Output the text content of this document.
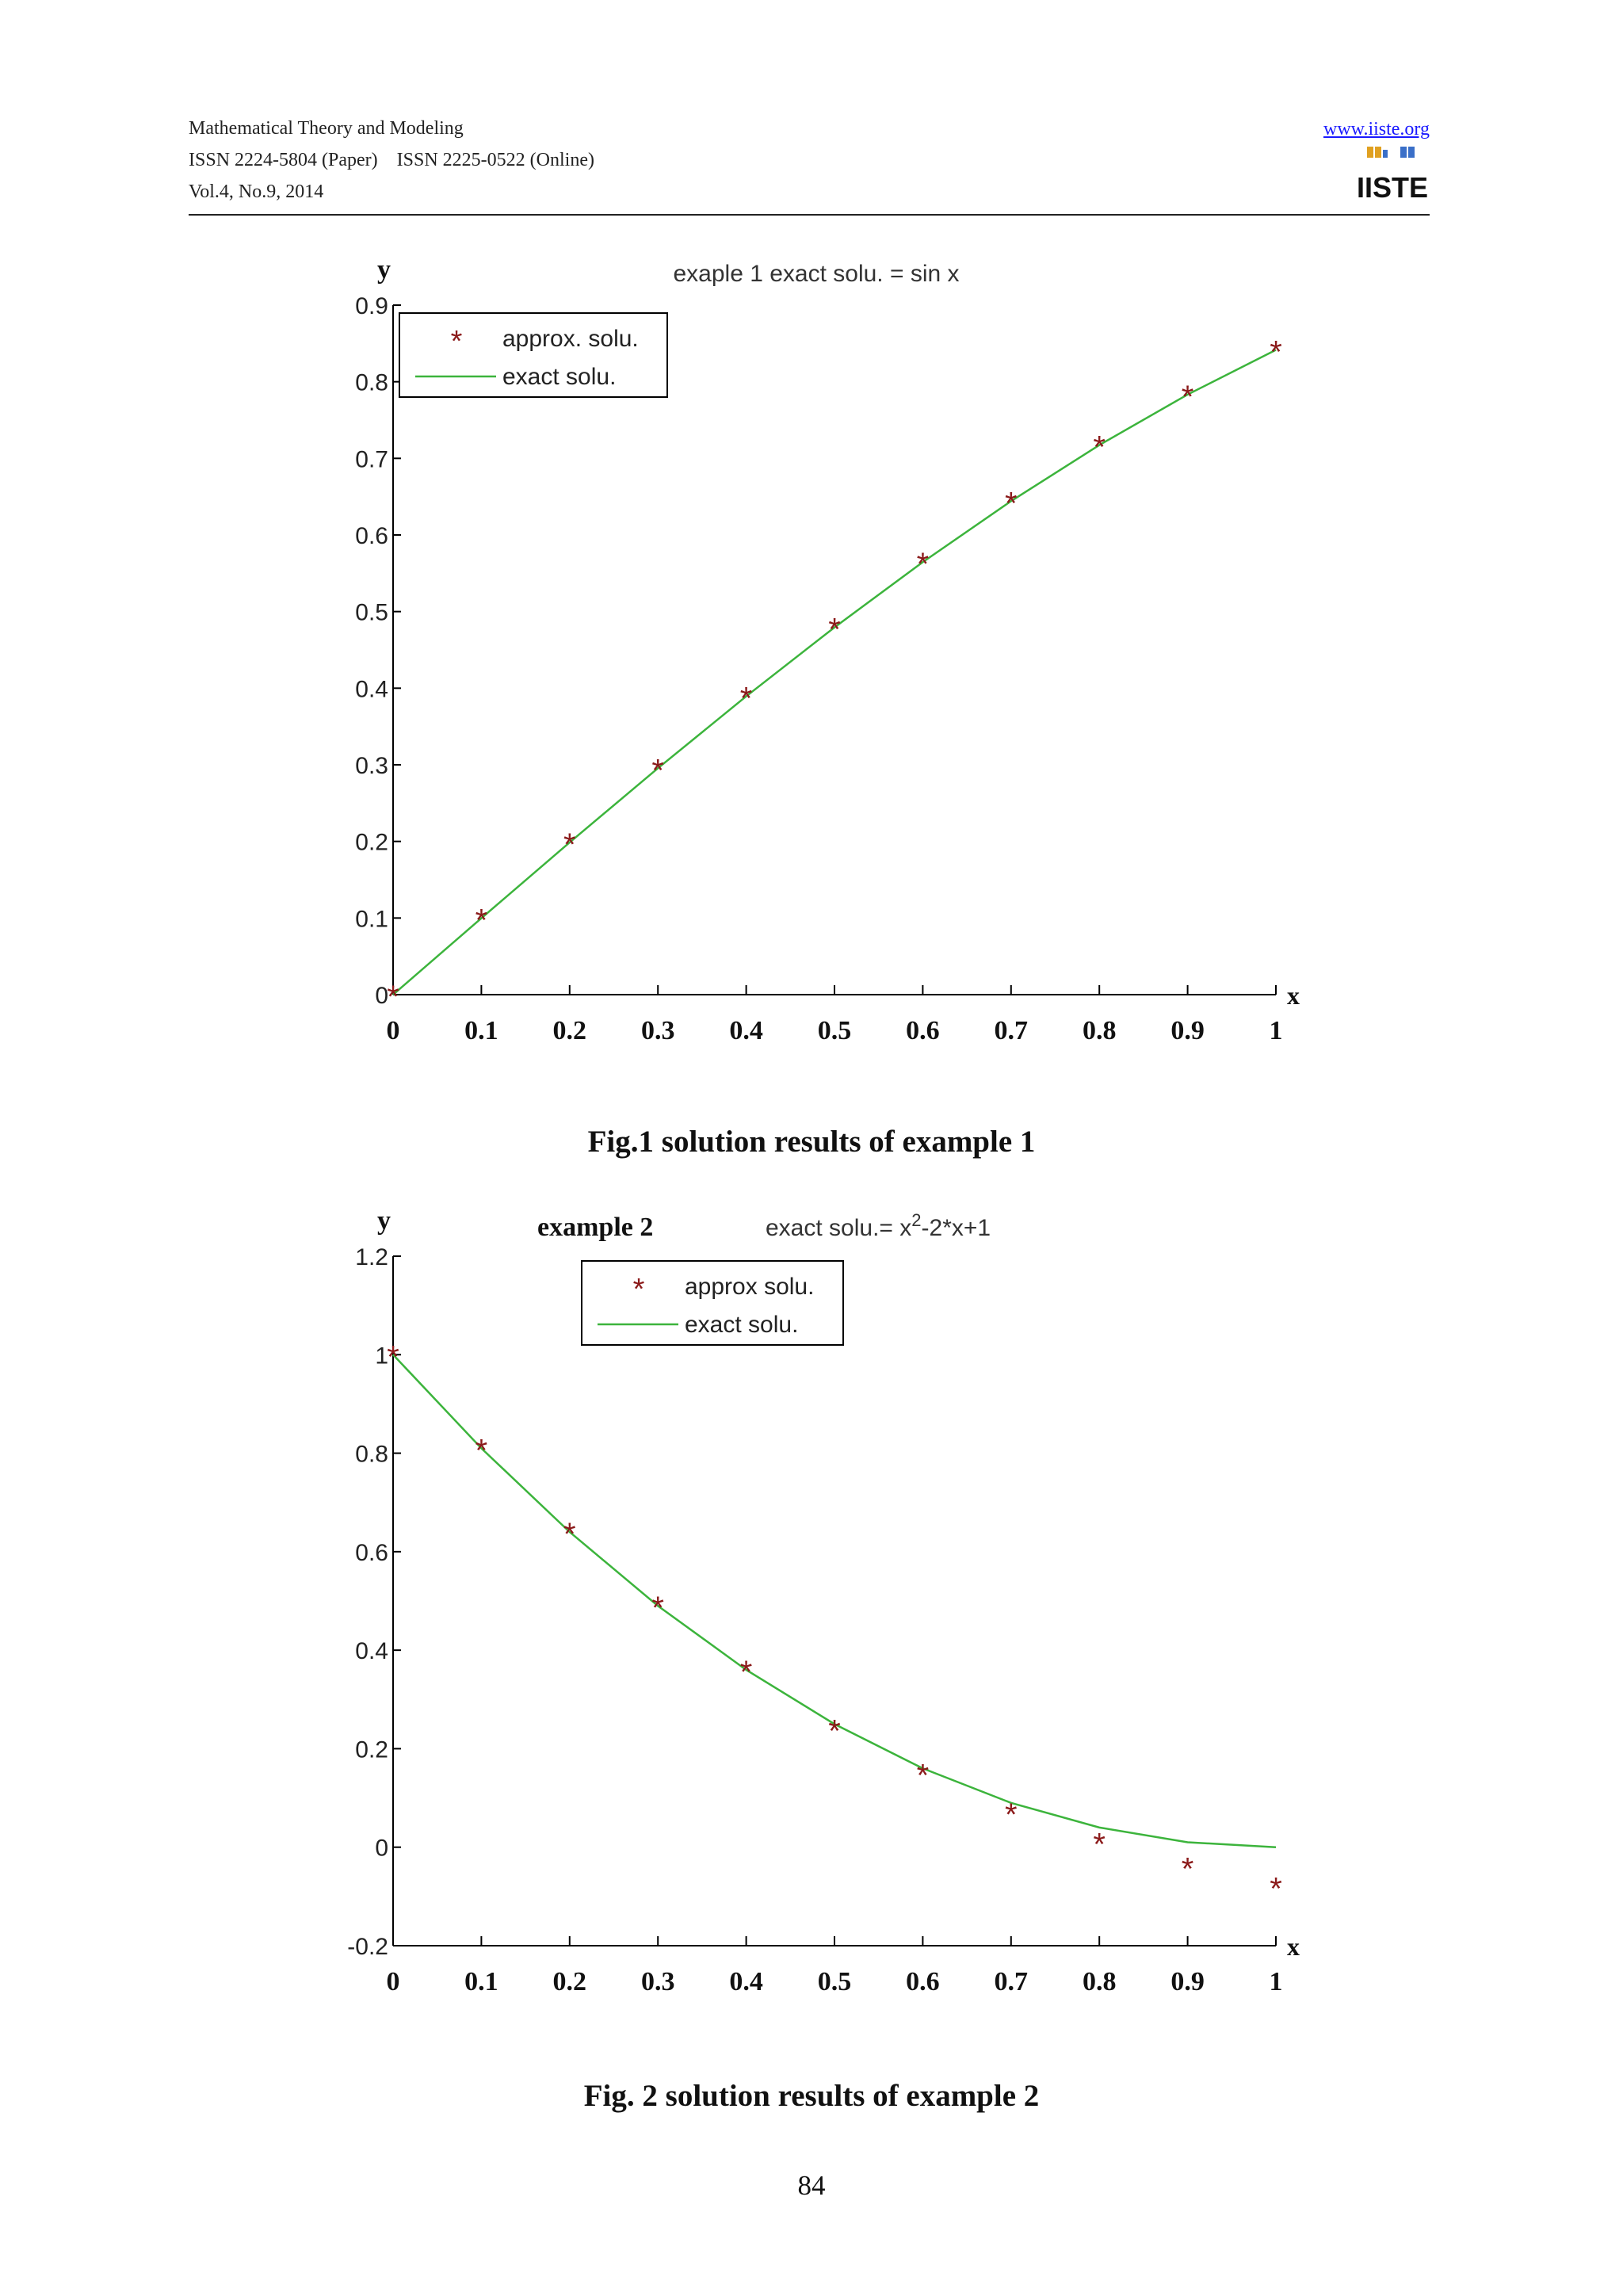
Mathematical Theory and Modeling
ISSN 2224-5804 (Paper)    ISSN 2225-0522 (Online)
Vol.4, No.9, 2014
www.iiste.org
IISTE
0
0.1
0.2
0.3
0.4
0.5
0.6
0.7
0.8
0.9
0 0.1 0.2 0.3 0.4 0.5 0.6 0.7 0.8 0.9 1
x
y
*
*
*
*
*
*
*
*
*
*
*
* approx. solu.
exact solu.
exaple 1 exact solu. = sin x
Fig.1 solution results of example 1
-0.2
0
0.2
0.4
0.6
0.8
1
1.2
0 0.1 0.2 0.3 0.4 0.5 0.6 0.7 0.8 0.9 1
x
y
*
*
*
*
*
*
*
*
*
*
*
* approx solu.
exact solu.
example 2	exact solu.= $x^2-2*x+1$
Fig. 2 solution results of example 2
84
